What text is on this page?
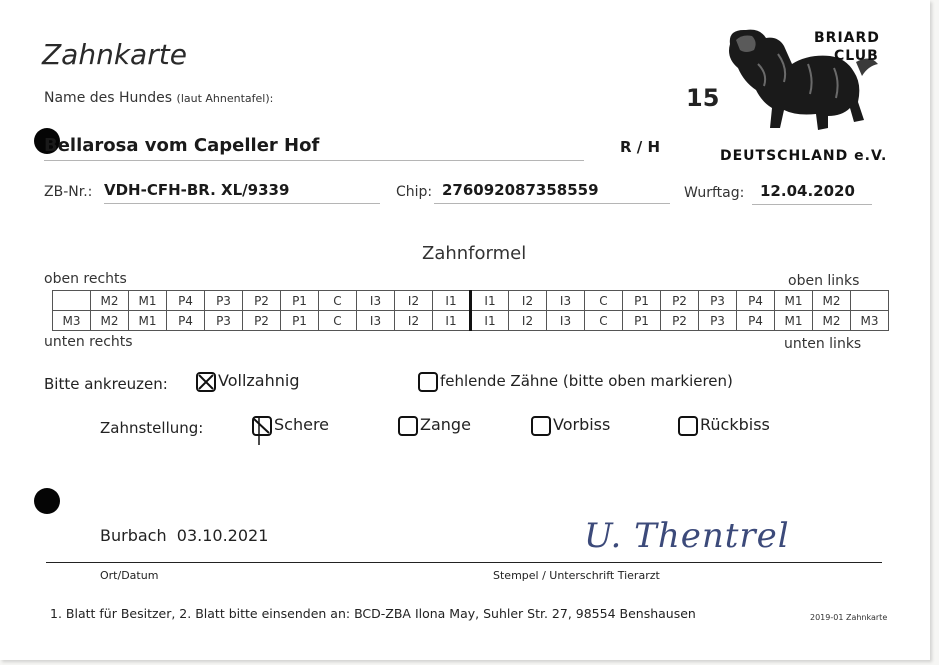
Zahnkarte
Name des Hundes (laut Ahnentafel):	15
BRIARD
CLUB
DEUTSCHLAND e.V.
Bellarosa vom Capeller Hof	R / H
ZB-Nr.: VDH-CFH-BR. XL/9339	Chip: 276092087358559	Wurftag:	12.04.2020
Zahnformel
oben rechts	oben links
	M2	M1	P4	P3	P2	P1	C	I3	I2	I1	I1	I2	I3	C	P1	P2	P3	P4	M1	M2	
M3	M2	M1	P4	P3	P2	P1	C	I3	I2	I1	I1	I2	I3	C	P1	P2	P3	P4	M1	M2	M3
unten rechts	unten links
Bitte ankreuzen:	Vollzahnig	fehlende Zähne (bitte oben markieren)
Zahnstellung:	Schere	Zange	Vorbiss	Rückbiss
Burbach  03.10.2021
Ort/Datum
U. Thentrel
Stempel / Unterschrift Tierarzt
1. Blatt für Besitzer, 2. Blatt bitte einsenden an: BCD-ZBA Ilona May, Suhler Str. 27, 98554 Benshausen	2019-01 Zahnkarte
